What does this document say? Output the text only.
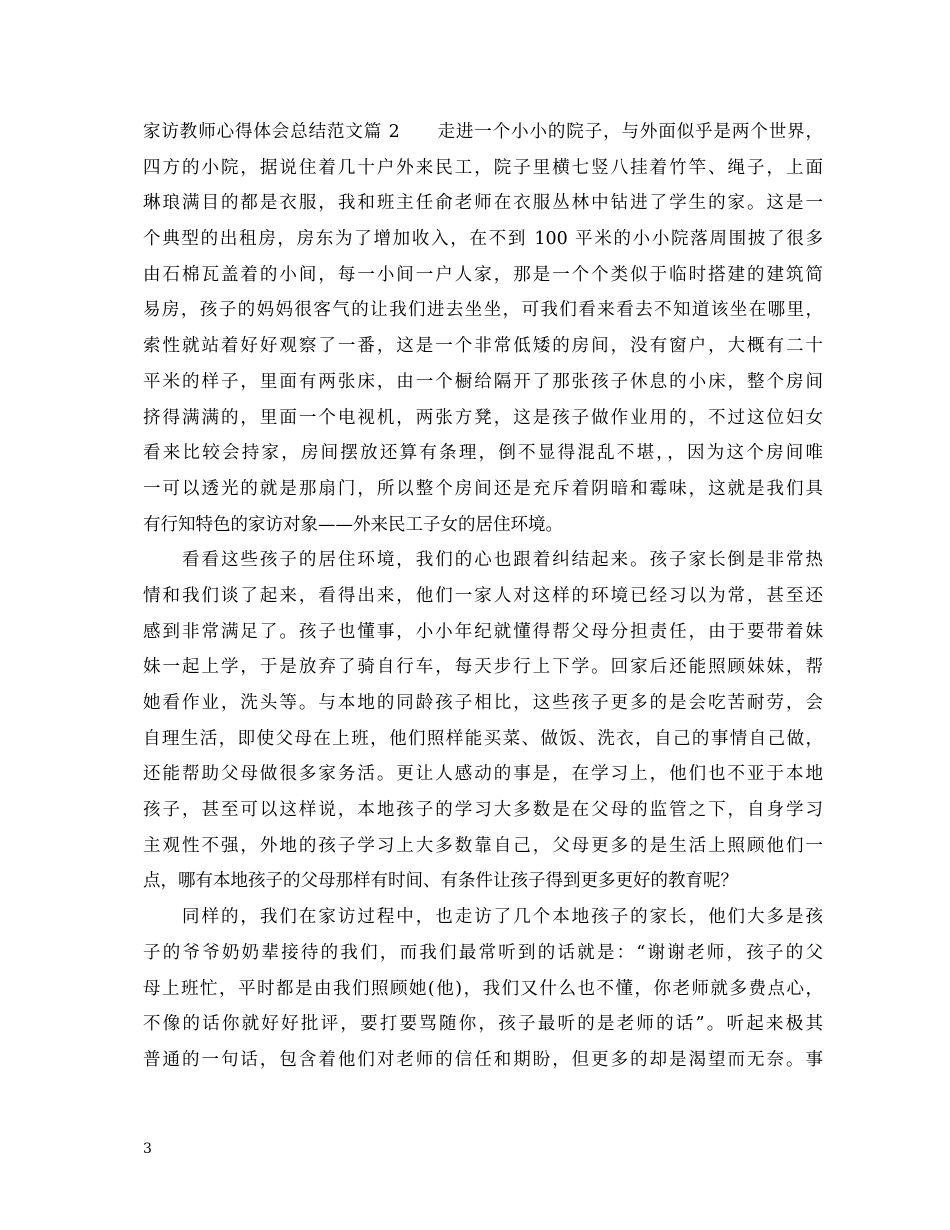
家访教师心得体会总结范文篇 2　　走进一个小小的院子，与外面似乎是两个世界，
四方的小院，据说住着几十户外来民工，院子里横七竖八挂着竹竿、绳子，上面
琳琅满目的都是衣服，我和班主任俞老师在衣服丛林中钻进了学生的家。这是一
个典型的出租房，房东为了增加收入，在不到 100 平米的小小院落周围披了很多
由石棉瓦盖着的小间，每一小间一户人家，那是一个个类似于临时搭建的建筑简
易房，孩子的妈妈很客气的让我们进去坐坐，可我们看来看去不知道该坐在哪里，
索性就站着好好观察了一番，这是一个非常低矮的房间，没有窗户，大概有二十
平米的样子，里面有两张床，由一个橱给隔开了那张孩子休息的小床，整个房间
挤得满满的，里面一个电视机，两张方凳，这是孩子做作业用的，不过这位妇女
看来比较会持家，房间摆放还算有条理，倒不显得混乱不堪，，因为这个房间唯
一可以透光的就是那扇门，所以整个房间还是充斥着阴暗和霉味，这就是我们具
有行知特色的家访对象——外来民工子女的居住环境。
　　看看这些孩子的居住环境，我们的心也跟着纠结起来。孩子家长倒是非常热
情和我们谈了起来，看得出来，他们一家人对这样的环境已经习以为常，甚至还
感到非常满足了。孩子也懂事，小小年纪就懂得帮父母分担责任，由于要带着妹
妹一起上学，于是放弃了骑自行车，每天步行上下学。回家后还能照顾妹妹，帮
她看作业，洗头等。与本地的同龄孩子相比，这些孩子更多的是会吃苦耐劳，会
自理生活，即使父母在上班，他们照样能买菜、做饭、洗衣，自己的事情自己做，
还能帮助父母做很多家务活。更让人感动的事是，在学习上，他们也不亚于本地
孩子，甚至可以这样说，本地孩子的学习大多数是在父母的监管之下，自身学习
主观性不强，外地的孩子学习上大多数靠自己，父母更多的是生活上照顾他们一
点，哪有本地孩子的父母那样有时间、有条件让孩子得到更多更好的教育呢？
　　同样的，我们在家访过程中，也走访了几个本地孩子的家长，他们大多是孩
子的爷爷奶奶辈接待的我们，而我们最常听到的话就是：“谢谢老师，孩子的父
母上班忙，平时都是由我们照顾她(他)，我们又什么也不懂，你老师就多费点心，
不像的话你就好好批评，要打要骂随你，孩子最听的是老师的话”。听起来极其
普通的一句话，包含着他们对老师的信任和期盼，但更多的却是渴望而无奈。事
3
